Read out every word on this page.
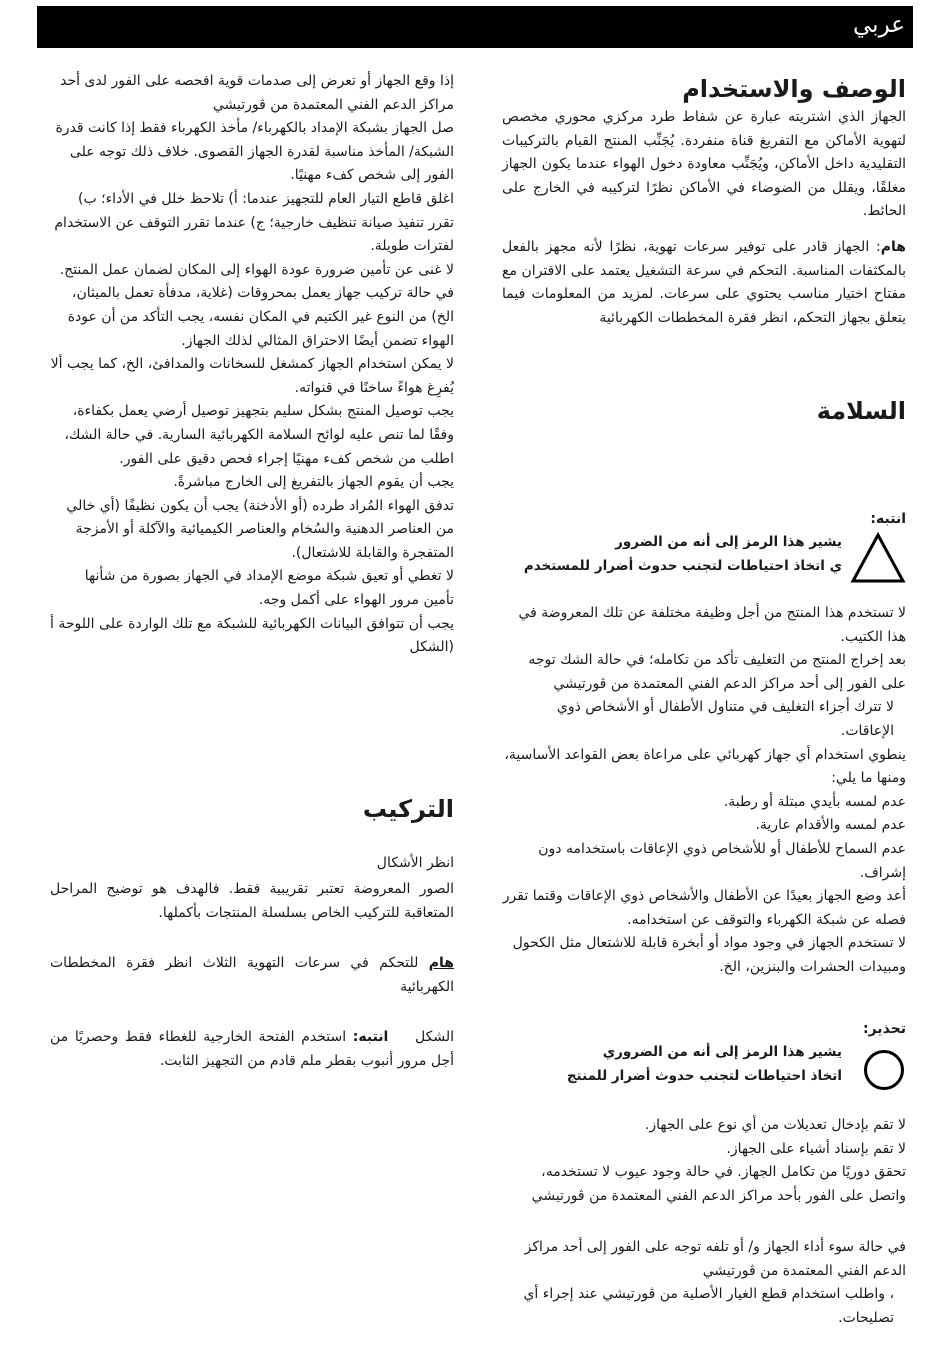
عربي
الوصف والاستخدام

الجهاز الذي اشتريته عبارة عن شفاط طرد مركزي محوري مخصص لتهوية الأماكن مع التفريغ قناة منفردة. يُجَنِّب المنتج القيام بالتركيبات التقليدية داخل الأماكن، ويُجَنِّب معاودة دخول الهواء عندما يكون الجهاز مغلقًا، ويقلل من الضوضاء في الأماكن نظرًا لتركيبه في الخارج على الحائط.

هام: الجهاز قادر على توفير سرعات تهوية، نظرًا لأنه مجهز بالفعل بالمكثفات المناسبة. التحكم في سرعة التشغيل يعتمد على الاقتران مع مفتاح اختيار مناسب يحتوي على سرعات. لمزيد من المعلومات فيما يتعلق بجهاز التحكم، انظر فقرة المخططات الكهربائية

السلامة
انتبه:
يشير هذا الرمز إلى أنه من الضرور
ي اتخاذ احتياطات لتجنب حدوث أضرار للمستخدم

لا تستخدم هذا المنتج من أجل وظيفة مختلفة عن تلك المعروضة في هذا الكتيب.

بعد إخراج المنتج من التغليف تأكد من تكامله؛ في حالة الشك توجه على الفور إلى أحد مراكز الدعم الفني المعتمدة من ڤورتيشي

لا تترك أجزاء التغليف في متناول الأطفال أو الأشخاص ذوي الإعاقات.

ينطوي استخدام أي جهاز كهربائي على مراعاة بعض القواعد الأساسية، ومنها ما يلي:

عدم لمسه بأيدي مبتلة أو رطبة.

عدم لمسه والأقدام عارية.

عدم السماح للأطفال أو للأشخاص ذوي الإعاقات باستخدامه دون إشراف.

أعد وضع الجهاز بعيدًا عن الأطفال والأشخاص ذوي الإعاقات وقتما تقرر فصله عن شبكة الكهرباء والتوقف عن استخدامه.

لا تستخدم الجهاز في وجود مواد أو أبخرة قابلة للاشتعال مثل الكحول ومبيدات الحشرات والبنزين، الخ.

تحذير:
يشير هذا الرمز إلى أنه من الضروري
اتخاذ احتياطات لتجنب حدوث أضرار للمنتج

لا تقم بإدخال تعديلات من أي نوع على الجهاز.

لا تقم بإسناد أشياء على الجهاز.

تحقق دوريًا من تكامل الجهاز. في حالة وجود عيوب لا تستخدمه، واتصل على الفور بأحد مراكز الدعم الفني المعتمدة من ڤورتيشي

في حالة سوء أداء الجهاز و/ أو تلفه توجه على الفور إلى أحد مراكز الدعم الفني المعتمدة من ڤورتيشي

، واطلب استخدام قطع الغيار الأصلية من ڤورتيشي عند إجراء أي تصليحات.

إذا وقع الجهاز أو تعرض إلى صدمات قوية افحصه على الفور لدى أحد مراكز الدعم الفني المعتمدة من ڤورتيشي

صل الجهاز بشبكة الإمداد بالكهرباء/ مأخذ الكهرباء فقط إذا كانت قدرة الشبكة/ المأخذ مناسبة لقدرة الجهاز القصوى. خلاف ذلك توجه على الفور إلى شخص كفء مهنيًا.

اغلق قاطع التيار العام للتجهيز عندما: أ) تلاحظ خلل في الأداء؛ ب) تقرر تنفيذ صيانة تنظيف خارجية؛ ج) عندما تقرر التوقف عن الاستخدام لفترات طويلة.

لا غنى عن تأمين ضرورة عودة الهواء إلى المكان لضمان عمل المنتج. في حالة تركيب جهاز يعمل بمحروقات (غلاية، مدفأة تعمل بالميثان، الخ) من النوع غير الكتيم في المكان نفسه، يجب التأكد من أن عودة الهواء تضمن أيضًا الاحتراق المثالي لذلك الجهاز.

لا يمكن استخدام الجهاز كمشغل للسخانات والمدافئ، الخ، كما يجب ألا يُفرِغ هواءً ساخنًا في قنواته.

يجب توصيل المنتج بشكل سليم بتجهيز توصيل أرضي يعمل بكفاءة، وفقًا لما تنص عليه لوائح السلامة الكهربائية السارية. في حالة الشك،

اطلب من شخص كفء مهنيًا إجراء فحص دقيق على الفور.

يجب أن يقوم الجهاز بالتفريغ إلى الخارج مباشرةً.

تدفق الهواء المُراد طرده (أو الأدخنة) يجب أن يكون نظيفًا (أي خالي من العناصر الدهنية والسُخام والعناصر الكيميائية والآكلة أو الأمزجة المتفجرة والقابلة للاشتعال).

لا تغطي أو تعيق شبكة موضع الإمداد في الجهاز بصورة من شأنها تأمين مرور الهواء على أكمل وجه.

يجب أن تتوافق البيانات الكهربائية للشبكة مع تلك الواردة على اللوحة أ (الشكل

التركيب

انظر الأشكال

الصور المعروضة تعتبر تقريبية فقط. فالهدف هو توضيح المراحل المتعاقبة للتركيب الخاص بسلسلة المنتجات بأكملها.

هام للتحكم في سرعات التهوية الثلاث انظر فقرة المخططات الكهربائية

الشكل    انتبه: استخدم الفتحة الخارجية للغطاء فقط وحصريًا من أجل مرور أنبوب بقطر ملم قادم من التجهيز الثابت.
